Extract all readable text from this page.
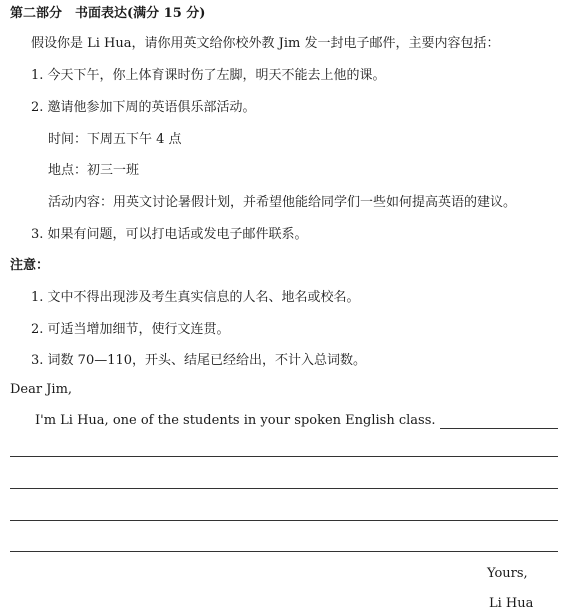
第二部分　书面表达(满分 15 分)
假设你是 Li Hua，请你用英文给你校外教 Jim 发一封电子邮件，主要内容包括：
1. 今天下午，你上体育课时伤了左脚，明天不能去上他的课。
2. 邀请他参加下周的英语俱乐部活动。
时间：下周五下午 4 点
地点：初三一班
活动内容：用英文讨论暑假计划，并希望他能给同学们一些如何提高英语的建议。
3. 如果有问题，可以打电话或发电子邮件联系。
注意：
1. 文中不得出现涉及考生真实信息的人名、地名或校名。
2. 可适当增加细节，使行文连贯。
3. 词数 70—110，开头、结尾已经给出，不计入总词数。
Dear Jim,
I'm Li Hua, one of the students in your spoken English class.
Yours,
Li Hua
